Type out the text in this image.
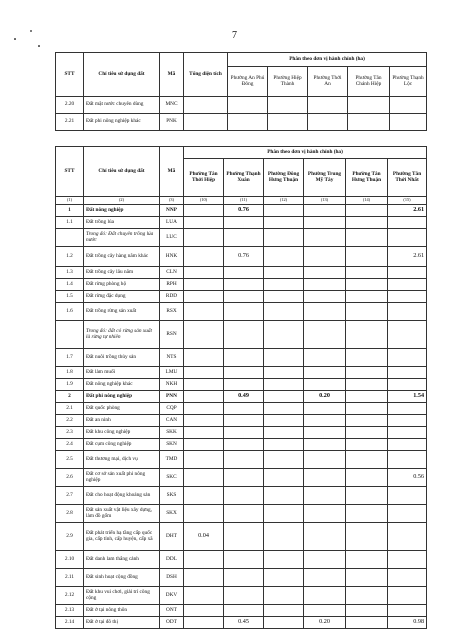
7
STT	Chỉ tiêu sử dụng đất	Mã	Tổng diện tích	Phân theo đơn vị hành chính (ha)				
				Phường An Phú Đông	Phường Hiệp Thành	Phường Thới An	Phường Tân Chánh Hiệp	Phường Thạnh Lộc
2.20	Đất mặt nước chuyên dùng	MNC						
2.21	Đất phi nông nghiệp khác	PNK						
STT	Chỉ tiêu sử dụng đất	Mã	Phân theo đơn vị hành chính (ha)					
			Phường Tân Thới Hiệp	Phường Thạnh Xuân	Phường Đông Hưng Thuận	Phường Trung Mỹ Tây	Phường Tân Hưng Thuận	Phường Tân Thới Nhất
(1)	(2)	(3)	(10)	(11)	(12)	(13)	(14)	(15)
1	Đất nông nghiệp	NNP		0.76				2.61
1.1	Đất trồng lúa	LUA						
	Trong đó: Đất chuyên trồng lúa nước	LUC						
1.2	Đất trồng cây hàng năm khác	HNK		0.76				2.61
1.3	Đất trồng cây lâu năm	CLN						
1.4	Đất rừng phòng hộ	RPH						
1.5	Đất rừng đặc dụng	RDD						
1.6	Đất trồng rừng sản xuất	RSX						
	Trong đó: đất có rừng sản xuất là rừng tự nhiên	RSN						
1.7	Đất nuôi trồng thủy sản	NTS						
1.8	Đất làm muối	LMU						
1.9	Đất nông nghiệp khác	NKH						
2	Đất phi nông nghiệp	PNN		0.49		0.20		1.54
2.1	Đất quốc phòng	CQP						
2.2	Đất an ninh	CAN						
2.3	Đất khu công nghiệp	SKK						
2.4	Đất cụm công nghiệp	SKN						
2.5	Đất thương mại, dịch vụ	TMD						
2.6	Đất cơ sở sản xuất phi nông nghiệp	SKC						0.56
2.7	Đất cho hoạt động khoáng sản	SKS						
2.8	Đất sản xuất vật liệu xây dựng, làm đồ gốm	SKX						
2.9	Đất phát triển hạ tầng cấp quốc gia, cấp tỉnh, cấp huyện, cấp xã	DHT	0.04					
2.10	Đất danh lam thắng cảnh	DDL						
2.11	Đất sinh hoạt cộng đồng	DSH						
2.12	Đất khu vui chơi, giải trí công cộng	DKV						
2.13	Đất ở tại nông thôn	ONT						
2.14	Đất ở tại đô thị	ODT		0.45		0.20		0.98
